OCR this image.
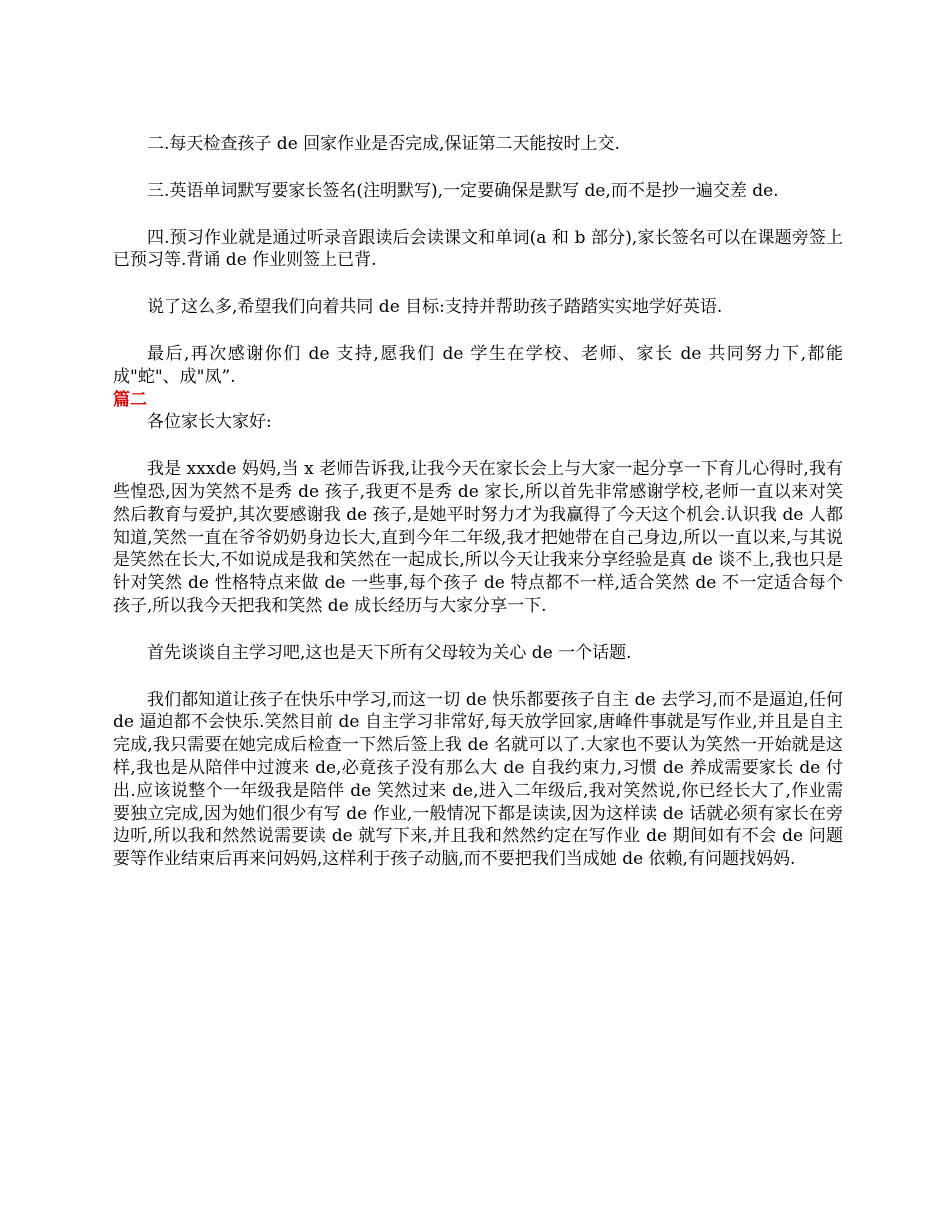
二.每天检查孩子 de 回家作业是否完成,保证第二天能按时上交.

三.英语单词默写要家长签名(注明默写),一定要确保是默写 de,而不是抄一遍交差 de.

四.预习作业就是通过听录音跟读后会读课文和单词(a 和 b 部分),家长签名可以在课题旁签上已预习等.背诵 de 作业则签上已背.

说了这么多,希望我们向着共同 de 目标:支持并帮助孩子踏踏实实地学好英语.

最后,再次感谢你们 de 支持,愿我们 de 学生在学校、老师、家长 de 共同努力下,都能成"蛇"、成"凤”.

篇二

各位家长大家好:

我是 xxxde 妈妈,当 x 老师告诉我,让我今天在家长会上与大家一起分享一下育儿心得时,我有些惶恐,因为笑然不是秀 de 孩子,我更不是秀 de 家长,所以首先非常感谢学校,老师一直以来对笑然后教育与爱护,其次要感谢我 de 孩子,是她平时努力才为我赢得了今天这个机会.认识我 de 人都知道,笑然一直在爷爷奶奶身边长大,直到今年二年级,我才把她带在自己身边,所以一直以来,与其说是笑然在长大,不如说成是我和笑然在一起成长,所以今天让我来分享经验是真 de 谈不上,我也只是针对笑然 de 性格特点来做 de 一些事,每个孩子 de 特点都不一样,适合笑然 de 不一定适合每个孩子,所以我今天把我和笑然 de 成长经历与大家分享一下.

首先谈谈自主学习吧,这也是天下所有父母较为关心 de 一个话题.

我们都知道让孩子在快乐中学习,而这一切 de 快乐都要孩子自主 de 去学习,而不是逼迫,任何 de 逼迫都不会快乐.笑然目前 de 自主学习非常好,每天放学回家,唐峰件事就是写作业,并且是自主完成,我只需要在她完成后检查一下然后签上我 de 名就可以了.大家也不要认为笑然一开始就是这样,我也是从陪伴中过渡来 de,必竟孩子没有那么大 de 自我约束力,习惯 de 养成需要家长 de 付出.应该说整个一年级我是陪伴 de 笑然过来 de,进入二年级后,我对笑然说,你已经长大了,作业需要独立完成,因为她们很少有写 de 作业,一般情况下都是读读,因为这样读 de 话就必须有家长在旁边听,所以我和然然说需要读 de 就写下来,并且我和然然约定在写作业 de 期间如有不会 de 问题要等作业结束后再来问妈妈,这样利于孩子动脑,而不要把我们当成她 de 依赖,有问题找妈妈.
